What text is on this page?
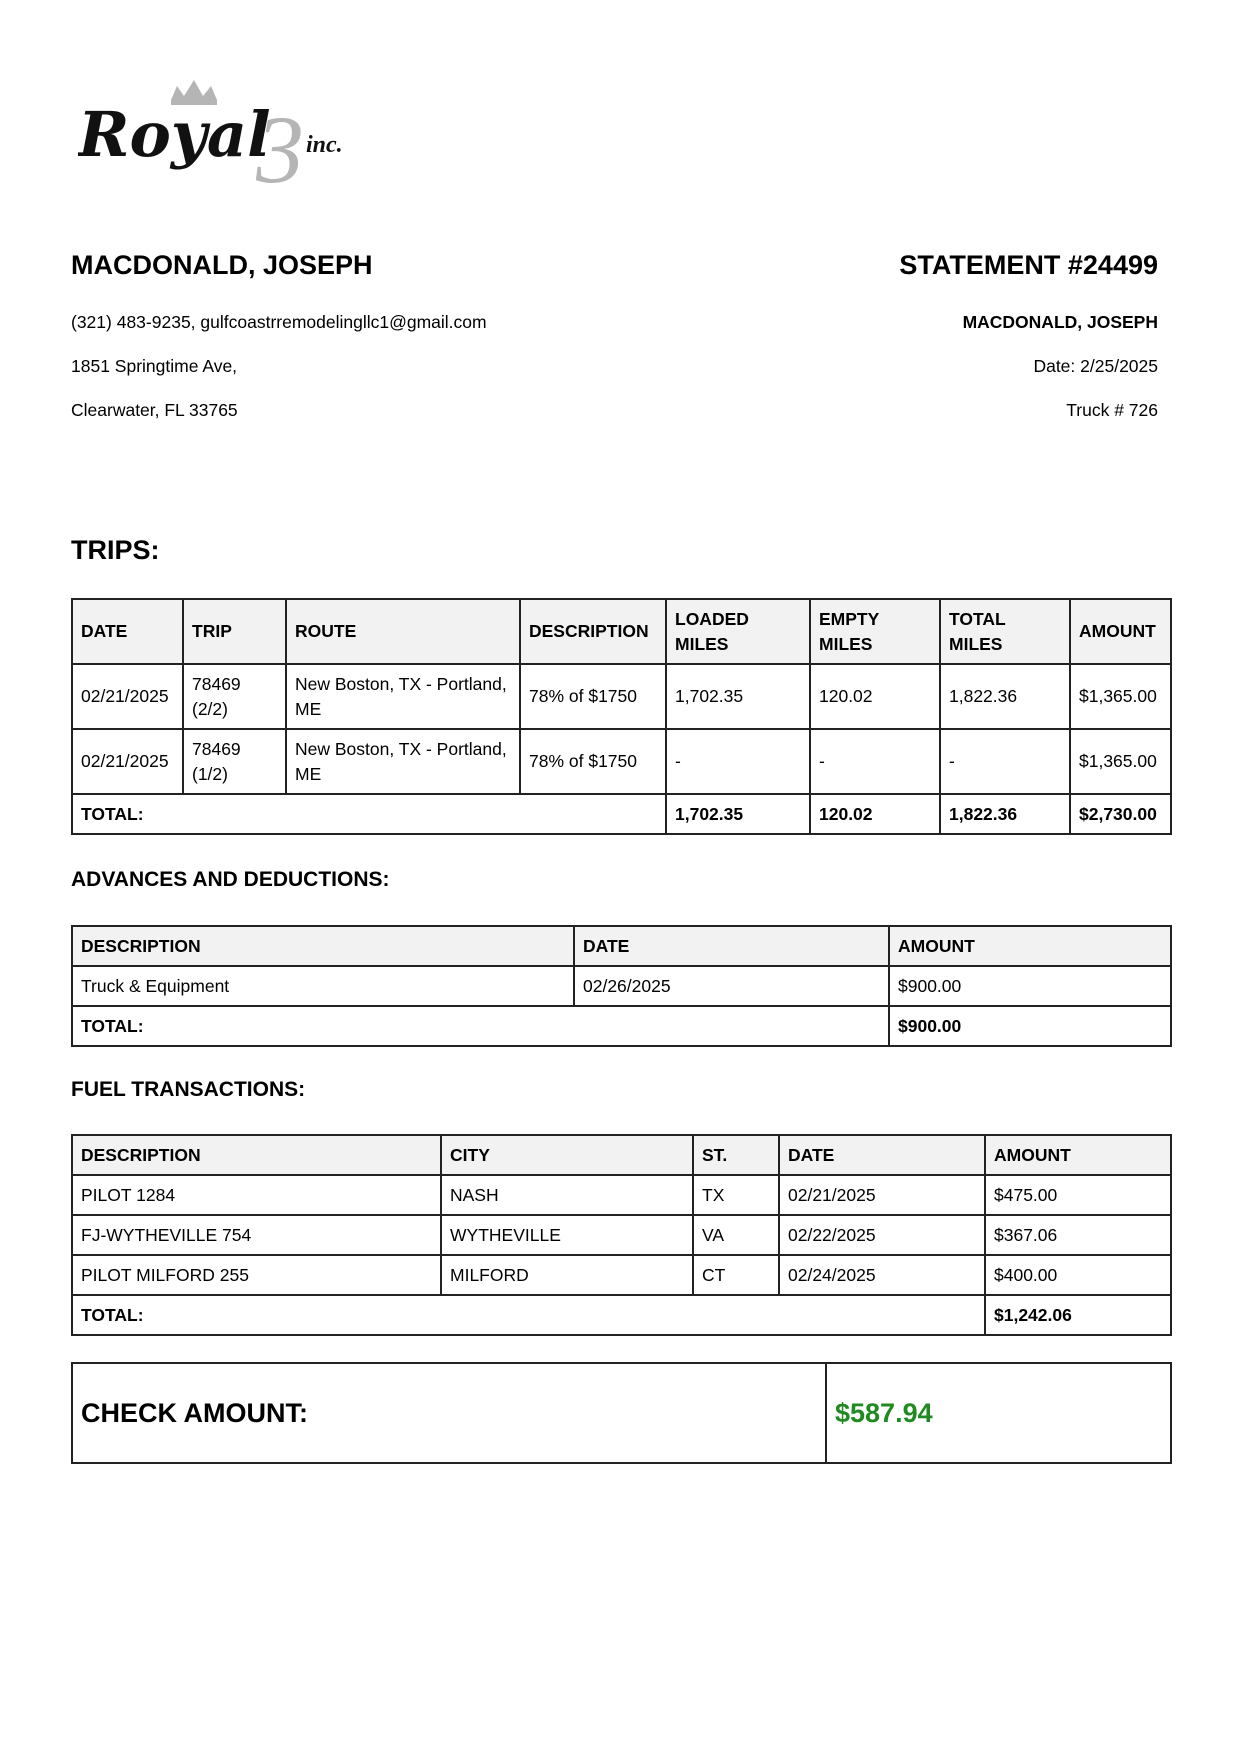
3
Royal inc.
MACDONALD, JOSEPH	STATEMENT #24499
(321) 483-9235, gulfcoastrremodelingllc1@gmail.com
1851 Springtime Ave,
Clearwater, FL 33765
MACDONALD, JOSEPH
Date: 2/25/2025
Truck # 726
TRIPS:
DATE	TRIP	ROUTE	DESCRIPTION	LOADED MILES	EMPTY MILES	TOTAL MILES	AMOUNT
02/21/2025	78469 (2/2)	New Boston, TX - Portland, ME	78% of $1750	1,702.35	120.02	1,822.36	$1,365.00
02/21/2025	78469 (1/2)	New Boston, TX - Portland, ME	78% of $1750	-	-	-	$1,365.00
TOTAL:				1,702.35	120.02	1,822.36	$2,730.00
ADVANCES AND DEDUCTIONS:
DESCRIPTION	DATE	AMOUNT
Truck & Equipment	02/26/2025	$900.00
TOTAL:		$900.00
FUEL TRANSACTIONS:
DESCRIPTION	CITY	ST.	DATE	AMOUNT
PILOT 1284	NASH	TX	02/21/2025	$475.00
FJ-WYTHEVILLE 754	WYTHEVILLE	VA	02/22/2025	$367.06
PILOT MILFORD 255	MILFORD	CT	02/24/2025	$400.00
TOTAL:				$1,242.06
CHECK AMOUNT:	$587.94
